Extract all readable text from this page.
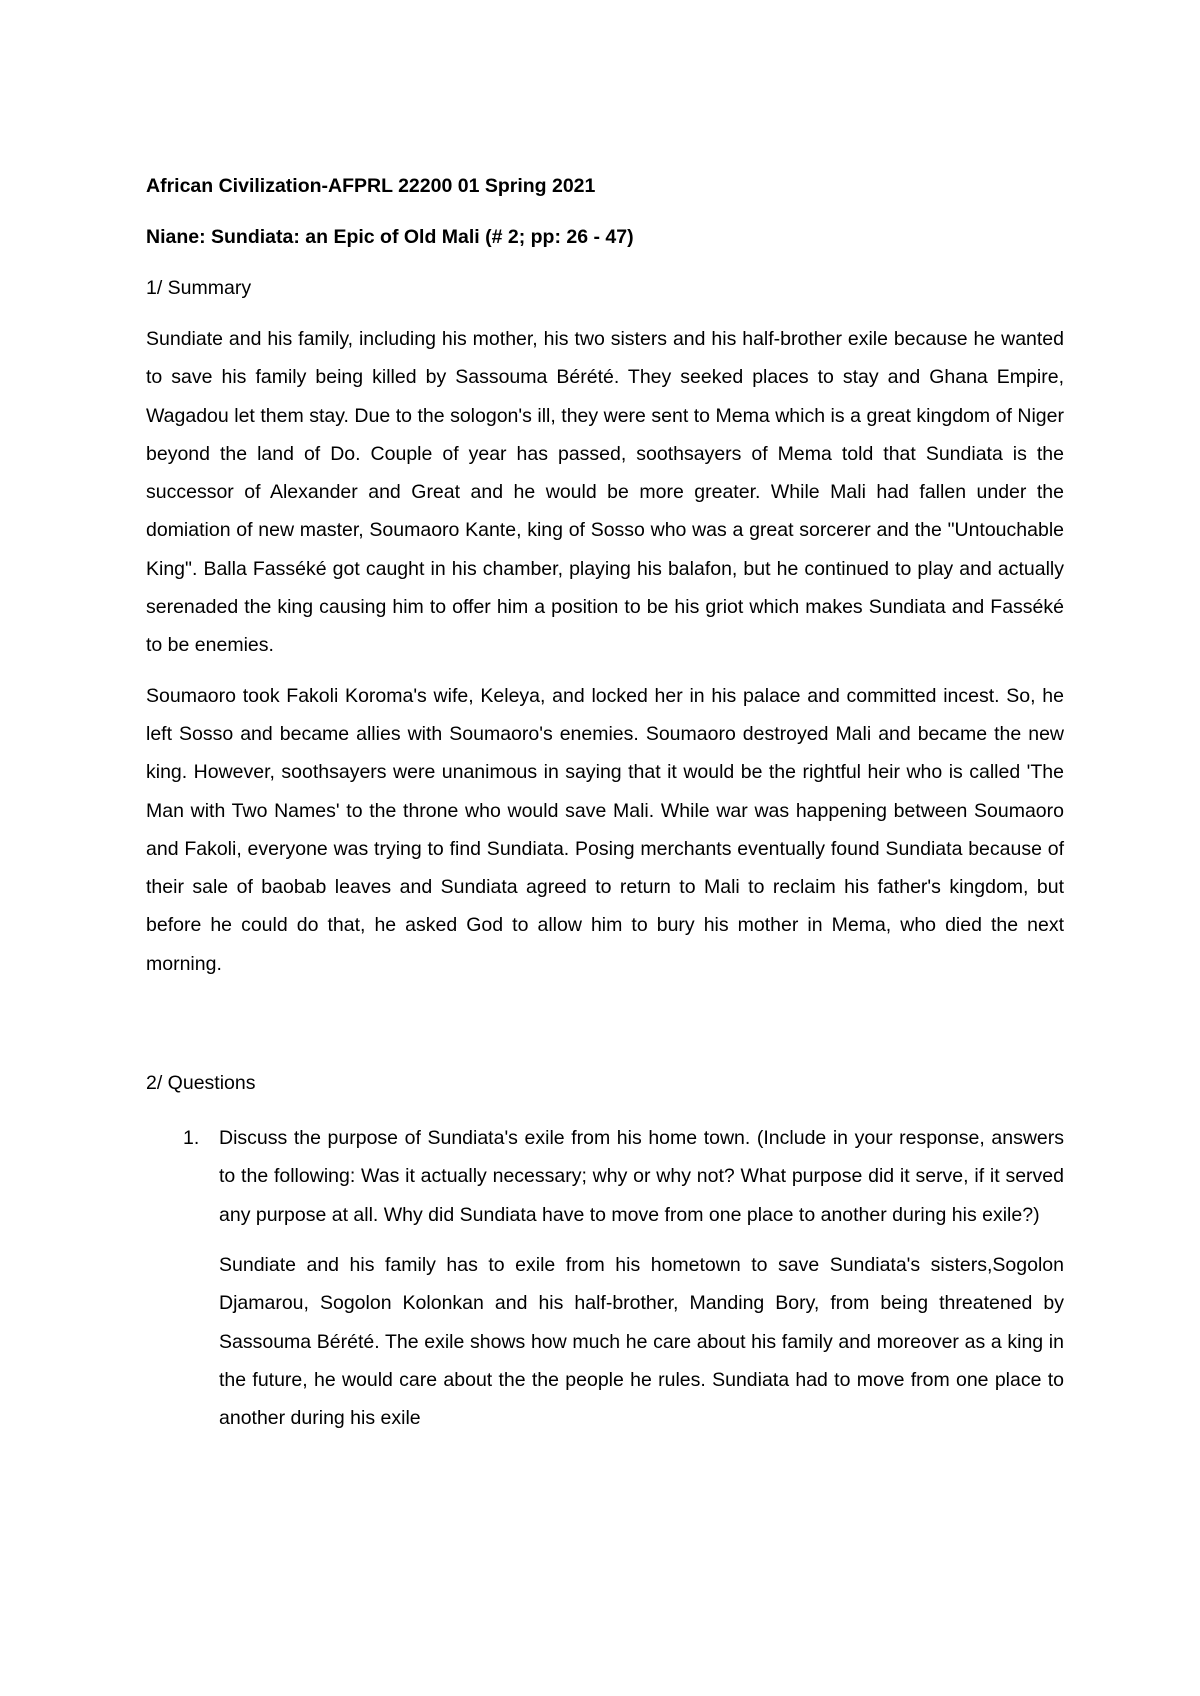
African Civilization-AFPRL 22200 01 Spring 2021

Niane: Sundiata: an Epic of Old Mali (# 2; pp: 26 - 47)

1/ Summary

Sundiate and his family, including his mother, his two sisters and his half-brother exile because he wanted to save his family being killed by Sassouma Bérété. They seeked places to stay and Ghana Empire, Wagadou let them stay. Due to the sologon's ill, they were sent to Mema which is a great kingdom of Niger beyond the land of Do. Couple of year has passed, soothsayers of Mema told that Sundiata is the successor of Alexander and Great and he would be more greater. While Mali had fallen under the domiation of new master, Soumaoro Kante, king of Sosso who was a great sorcerer and the "Untouchable King". Balla Fasséké got caught in his chamber, playing his balafon, but he continued to play and actually serenaded the king causing him to offer him a position to be his griot which makes Sundiata and Fasséké to be enemies.

Soumaoro took Fakoli Koroma's wife, Keleya, and locked her in his palace and committed incest. So, he left Sosso and became allies with Soumaoro's enemies. Soumaoro destroyed Mali and became the new king. However, soothsayers were unanimous in saying that it would be the rightful heir who is called 'The Man with Two Names' to the throne who would save Mali. While war was happening between Soumaoro and Fakoli, everyone was trying to find Sundiata. Posing merchants eventually found Sundiata because of their sale of baobab leaves and Sundiata agreed to return to Mali to reclaim his father's kingdom, but before he could do that, he asked God to allow him to bury his mother in Mema, who died the next morning.

2/ Questions

1. Discuss the purpose of Sundiata's exile from his home town. (Include in your response, answers to the following: Was it actually necessary; why or why not? What purpose did it serve, if it served any purpose at all. Why did Sundiata have to move from one place to another during his exile?)

Sundiate and his family has to exile from his hometown to save Sundiata's sisters,Sogolon Djamarou, Sogolon Kolonkan and his half-brother, Manding Bory, from being threatened by Sassouma Bérété. The exile shows how much he care about his family and moreover as a king in the future, he would care about the the people he rules. Sundiata had to move from one place to another during his exile
